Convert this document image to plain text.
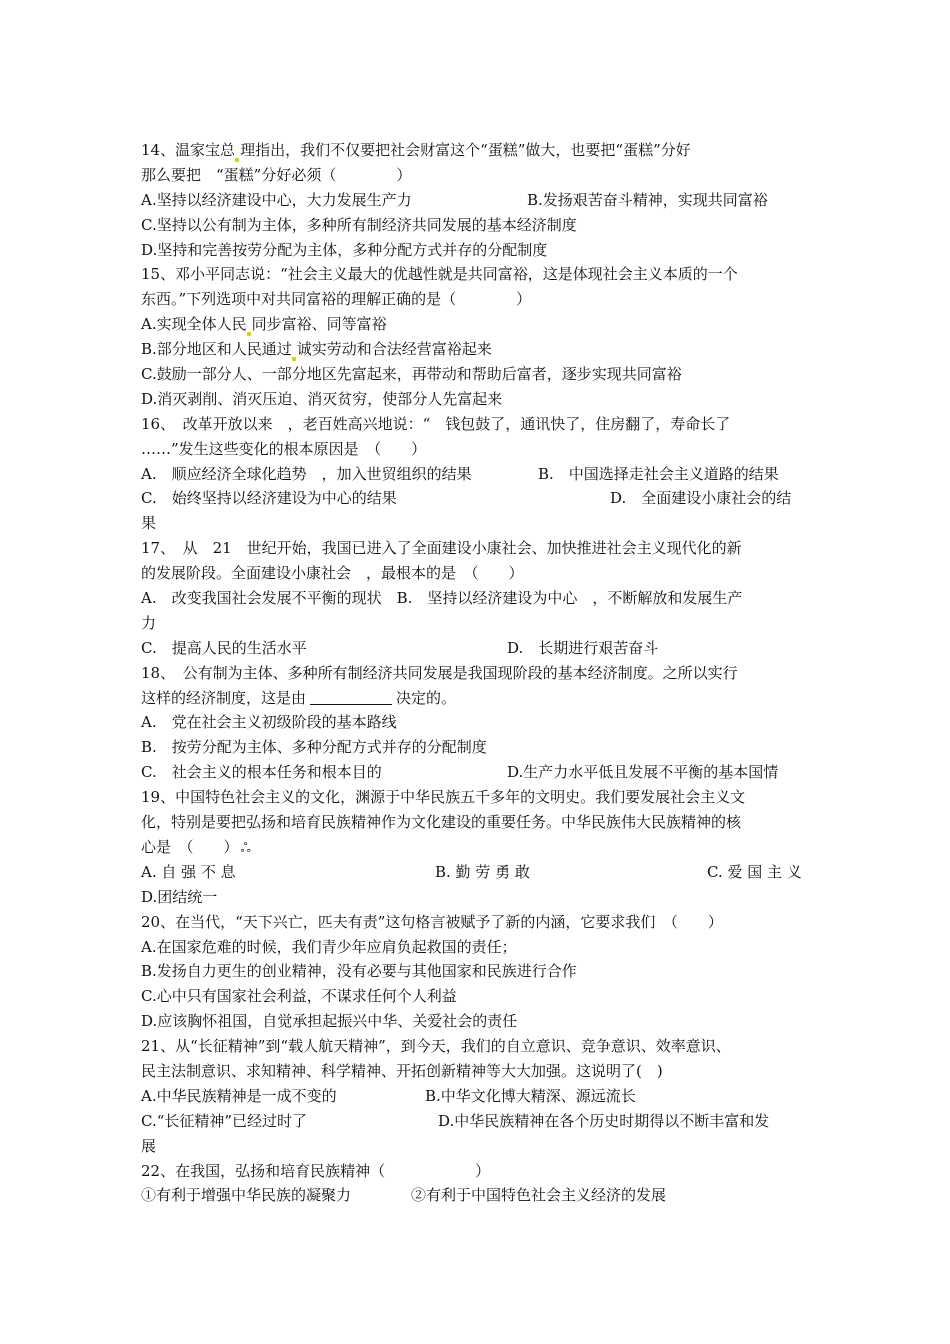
14、温家宝总 理指出，我们不仅要把社会财富这个“蛋糕”做大，也要把“蛋糕”分好
那么要把　“蛋糕”分好必须（　　　　）
A.坚持以经济建设中心，大力发展生产力	B.发扬艰苦奋斗精神，实现共同富裕
C.坚持以公有制为主体，多种所有制经济共同发展的基本经济制度
D.坚持和完善按劳分配为主体，多种分配方式并存的分配制度
15、邓小平同志说：“社会主义最大的优越性就是共同富裕，这是体现社会主义本质的一个
东西。”下列选项中对共同富裕的理解正确的是（　　　　）
A.实现全体人民 同步富裕、同等富裕
B.部分地区和人民通过 诚实劳动和合法经营富裕起来
C.鼓励一部分人、一部分地区先富起来，再带动和帮助后富者，逐步实现共同富裕
D.消灭剥削、消灭压迫、消灭贫穷，使部分人先富起来
16、　改革开放以来　，老百姓高兴地说：“　钱包鼓了，通讯快了，住房翻了，寿命长了
……”发生这些变化的根本原因是　（　　）
A.　顺应经济全球化趋势　，加入世贸组织的结果	B.　中国选择走社会主义道路的结果
C.　始终坚持以经济建设为中心的结果	D.　全面建设小康社会的结
果
17、　从　21　世纪开始，我国已进入了全面建设小康社会、加快推进社会主义现代化的新
的发展阶段。全面建设小康社会　，最根本的是　（　　）
A.　改变我国社会发展不平衡的现状　B.　坚持以经济建设为中心　，不断解放和发展生产
力
C.　提高人民的生活水平	D.　长期进行艰苦奋斗
18、　公有制为主体、多种所有制经济共同发展是我国现阶段的基本经济制度。之所以实行
这样的经济制度，这是由	决定的。
A.　党在社会主义初级阶段的基本路线
B.　按劳分配为主体、多种分配方式并存的分配制度
C.　社会主义的根本任务和根本目的	D.生产力水平低且发展不平衡的基本国情
19、中国特色社会主义的文化，渊源于中华民族五千多年的文明史。我们要发展社会主义文
化，特别是要把弘扬和培育民族精神作为文化建设的重要任务。中华民族伟大民族精神的核
心是　（　　） ஃ
A. 自 强 不 息	B. 勤 劳 勇 敢	C. 爱 国 主 义
D.团结统一
20、在当代，“天下兴亡，匹夫有责”这句格言被赋予了新的内涵，它要求我们　（　　）
A.在国家危难的时候，我们青少年应肩负起救国的责任；
B.发扬自力更生的创业精神，没有必要与其他国家和民族进行合作
C.心中只有国家社会利益，不谋求任何个人利益
D.应该胸怀祖国，自觉承担起振兴中华、关爱社会的责任
21、从“长征精神”到“载人航天精神”，到今天，我们的自立意识、竞争意识、效率意识、
民主法制意识、求知精神、科学精神、开拓创新精神等大大加强。这说明了(　)
A.中华民族精神是一成不变的	B.中华文化博大精深、源远流长
C.“长征精神”已经过时了	D.中华民族精神在各个历史时期得以不断丰富和发
展
22、在我国，弘扬和培育民族精神（　　　　　　）
①有利于增强中华民族的凝聚力	②有利于中国特色社会主义经济的发展
